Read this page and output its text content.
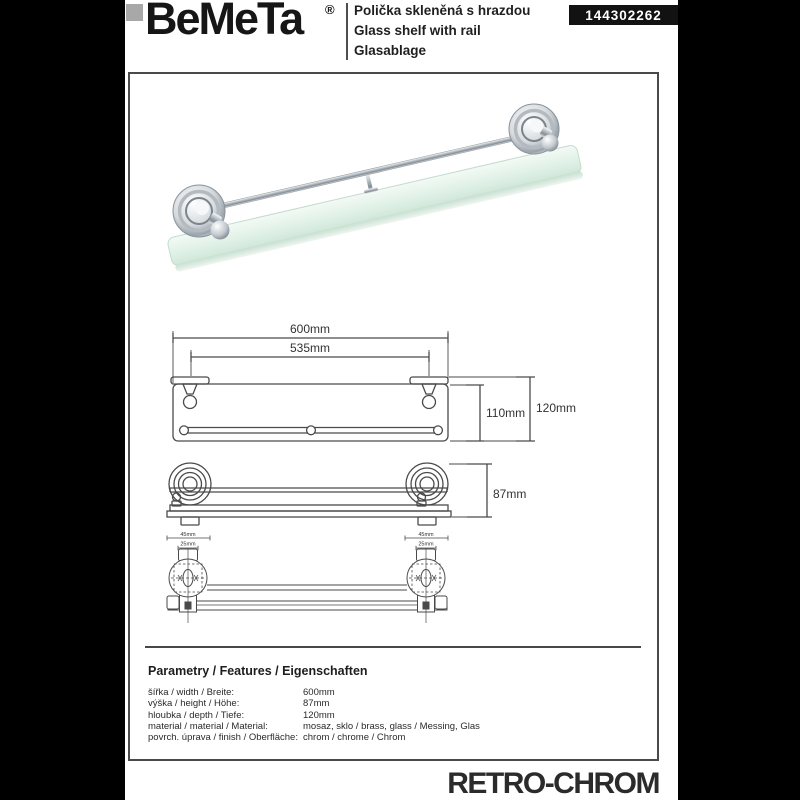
BeMeTa ® Polička skleněná s hrazdou
Glass shelf with rail
Glasablage
144302262
600mm
535mm
110mm 120mm
87mm
45mm
25mm
45mm
25mm
Parametry / Features / Eigenschaften
šířka / width / Breite:	600mm
výška / height / Höhe:	87mm
hloubka / depth / Tiefe:	120mm
material / material / Material:	mosaz, sklo / brass, glass / Messing, Glas
povrch. úprava / finish / Oberfläche: chrom / chrome / Chrom
RETRO-CHROM
